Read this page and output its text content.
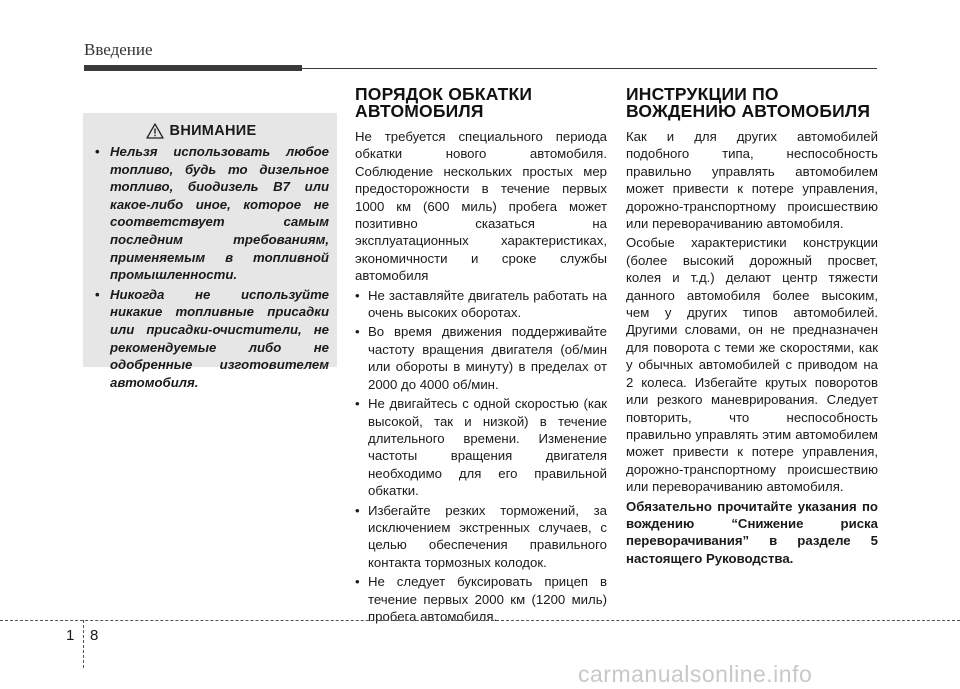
Введение
ВНИМАНИЕ
• Нельзя использовать любое топливо, будь то дизельное топливо, биодизель B7 или какое-либо иное, которое не соответствует самым последним требованиям, применяемым в топливной промышленности.
• Никогда не используйте никакие топливные присадки или присадки-очистители, не рекомендуемые либо не одобренные изготовителем автомобиля.
ПОРЯДОК ОБКАТКИ
АВТОМОБИЛЯ

Не требуется специального периода обкатки нового автомобиля. Соблюдение нескольких простых мер предосторожности в течение первых 1000 км (600 миль) пробега может позитивно сказаться на эксплуатационных характеристиках, экономичности и сроке службы автомобиля

• Не заставляйте двигатель работать на очень высоких оборотах.
• Во время движения поддерживайте частоту вращения двигателя (об/мин или обороты в минуту) в пределах от 2000 до 4000 об/мин.
• Не двигайтесь с одной скоростью (как высокой, так и низкой) в течение длительного времени. Изменение частоты вращения двигателя необходимо для его правильной обкатки.
• Избегайте резких торможений, за исключением экстренных случаев, с целью обеспечения правильного контакта тормозных колодок.
• Не следует буксировать прицеп в течение первых 2000 км (1200 миль) пробега автомобиля.
ИНСТРУКЦИИ ПО
ВОЖДЕНИЮ АВТОМОБИЛЯ

Как и для других автомобилей подобного типа, неспособность правильно управлять автомобилем может привести к потере управления, дорожно-транспортному происшествию или переворачиванию автомобиля.

Особые характеристики конструкции (более высокий дорожный просвет, колея и т.д.) делают центр тяжести данного автомобиля более высоким, чем у других типов автомобилей. Другими словами, он не предназначен для поворота с теми же скоростями, как у обычных автомобилей с приводом на 2 колеса. Избегайте крутых поворотов или резкого маневрирования. Следует повторить, что неспособность правильно управлять этим автомобилем может привести к потере управления, дорожно-транспортному происшествию или переворачиванию автомобиля.

Обязательно прочитайте указания по вождению “Снижение риска переворачивания” в разделе 5 настоящего Руководства.

1 8
carmanualsonline.info
